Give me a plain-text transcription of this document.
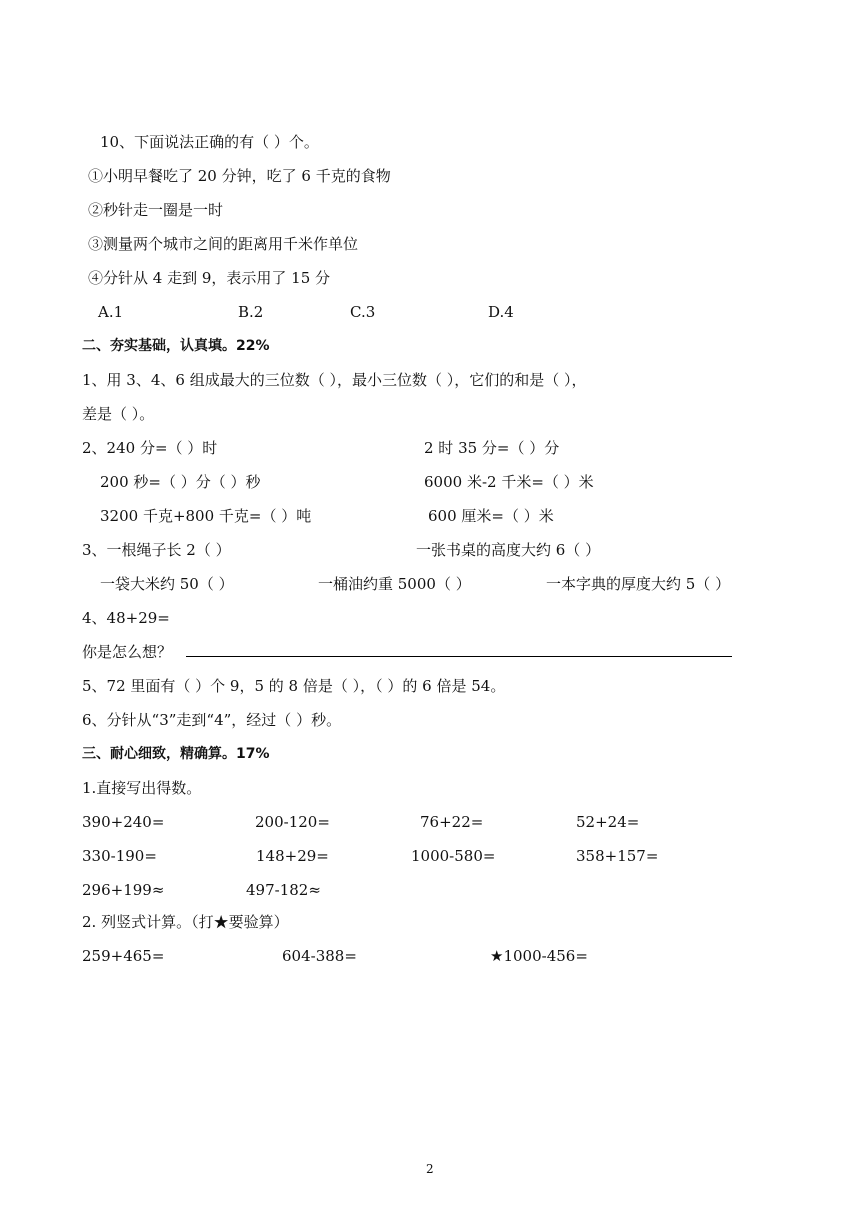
10、下面说法正确的有（ ）个。
①小明早餐吃了 20 分钟，吃了 6 千克的食物
②秒针走一圈是一时
③测量两个城市之间的距离用千米作单位
④分针从 4 走到 9，表示用了 15 分
A.1	B.2	C.3	D.4
二、夯实基础，认真填。22%
1、用 3、4、6 组成最大的三位数（ ），最小三位数（ ），它们的和是（ ），
差是（ ）。
2、240 分=（ ）时	2 时 35 分=（ ）分
200 秒=（ ）分（ ）秒	6000 米-2 千米=（ ）米
3200 千克+800 千克=（ ）吨	600 厘米=（ ）米
3、一根绳子长 2（ ）	一张书桌的高度大约 6（ ）
一袋大米约 50（ ）	一桶油约重 5000（ ）	一本字典的厚度大约 5（ ）
4、48+29=
你是怎么想？
5、72 里面有（ ）个 9，5 的 8 倍是（ ），（ ）的 6 倍是 54。
6、分针从“3”走到“4”，经过（ ）秒。
三、耐心细致，精确算。17%
1.直接写出得数。
390+240=	200-120=	76+22=	52+24=
330-190=	148+29=	1000-580=	358+157=
296+199≈	497-182≈
2. 列竖式计算。（打★要验算）
259+465=	604-388=	★1000-456=
2
